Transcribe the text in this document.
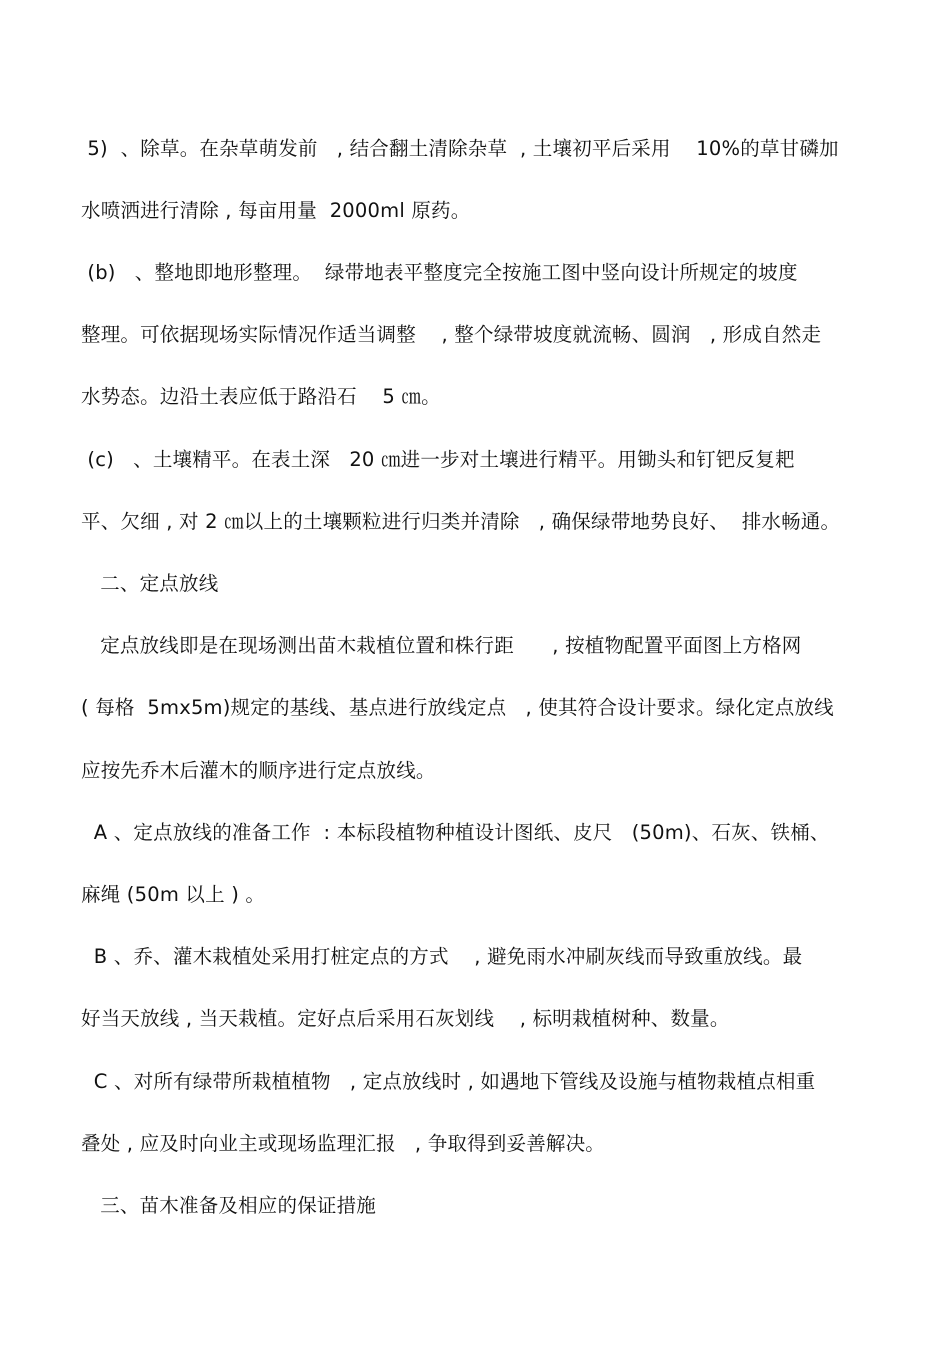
5)  、除草。在杂草萌发前   , 结合翻土清除杂草  , 土壤初平后采用    10%的草甘磷加
水喷洒进行清除 , 每亩用量  2000ml 原药。
(b)   、整地即地形整理。  绿带地表平整度完全按施工图中竖向设计所规定的坡度
整理。可依据现场实际情况作适当调整    , 整个绿带坡度就流畅、圆润   , 形成自然走
水势态。边沿土表应低于路沿石    5 ㎝。
(c)   、土壤精平。在表土深   20 ㎝进一步对土壤进行精平。用锄头和钉钯反复耙
平、欠细 , 对 2 ㎝以上的土壤颗粒进行归类并清除   , 确保绿带地势良好、  排水畅通。
二、定点放线
定点放线即是在现场测出苗木栽植位置和株行距      , 按植物配置平面图上方格网
( 每格  5mx5m)规定的基线、基点进行放线定点   , 使其符合设计要求。绿化定点放线
应按先乔木后灌木的顺序进行定点放线。
A 、定点放线的准备工作  : 本标段植物种植设计图纸、皮尺   (50m)、石灰、铁桶、
麻绳 (50m 以上 ) 。
B 、乔、灌木栽植处采用打桩定点的方式    , 避免雨水冲刷灰线而导致重放线。最
好当天放线 , 当天栽植。定好点后采用石灰划线    , 标明栽植树种、数量。
C 、对所有绿带所栽植植物   , 定点放线时 , 如遇地下管线及设施与植物栽植点相重
叠处 , 应及时向业主或现场监理汇报   , 争取得到妥善解决。
三、苗木准备及相应的保证措施
